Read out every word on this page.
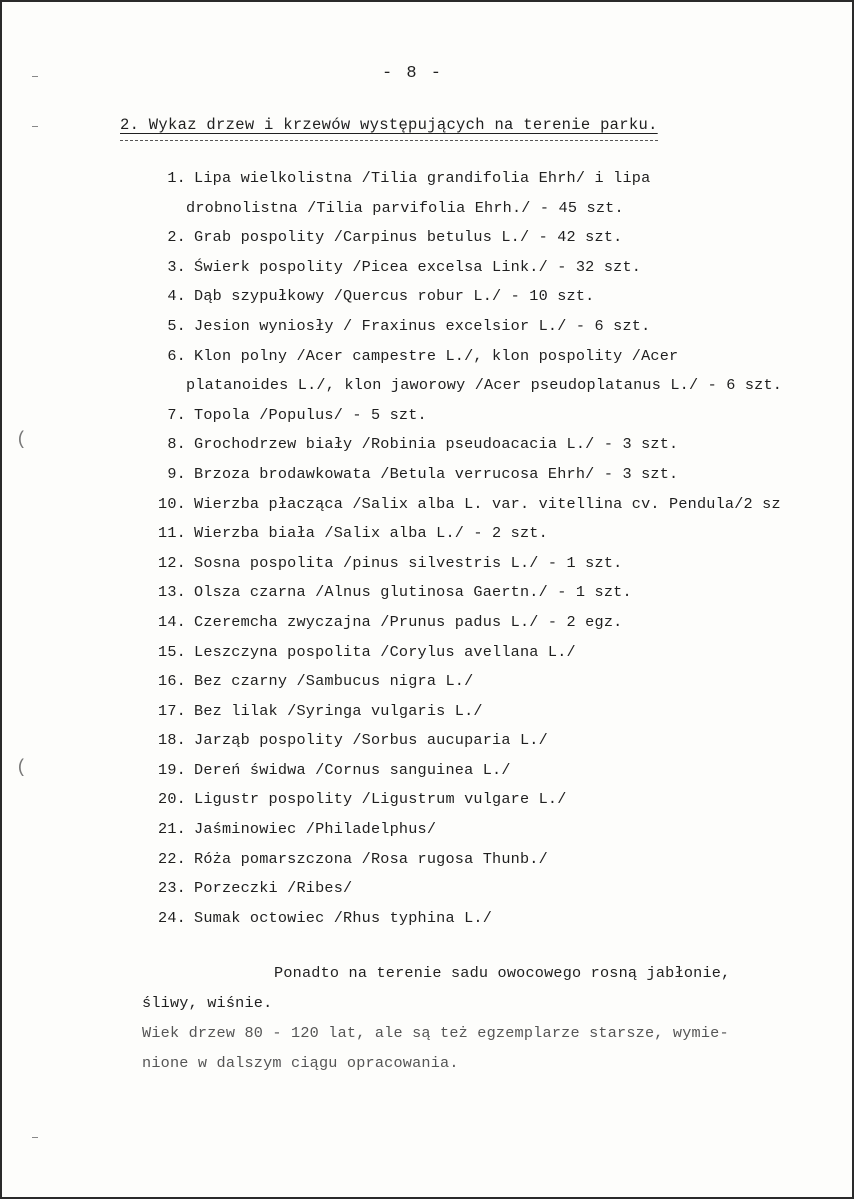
(
(
- 8 -
2. Wykaz drzew i krzewów występujących na terenie parku.
1. Lipa wielkolistna /Tilia grandifolia Ehrh/ i lipa
drobnolistna /Tilia parvifolia Ehrh./ - 45 szt.
2. Grab pospolity /Carpinus betulus L./ - 42 szt.
3. Świerk pospolity /Picea excelsa Link./ - 32 szt.
4. Dąb szypułkowy /Quercus robur L./ - 10 szt.
5. Jesion wyniosły / Fraxinus excelsior L./ - 6 szt.
6. Klon polny /Acer campestre L./, klon pospolity /Acer
platanoides L./, klon jaworowy /Acer pseudoplatanus L./ - 6 szt.
7. Topola /Populus/ - 5 szt.
8. Grochodrzew biały /Robinia pseudoacacia L./ - 3 szt.
9. Brzoza brodawkowata /Betula verrucosa Ehrh/ - 3 szt.
10. Wierzba płacząca /Salix alba L. var. vitellina cv. Pendula/2 sz
11. Wierzba biała /Salix alba L./ - 2 szt.
12. Sosna pospolita /pinus silvestris L./ - 1 szt.
13. Olsza czarna /Alnus glutinosa Gaertn./ - 1 szt.
14. Czeremcha zwyczajna /Prunus padus L./ - 2 egz.
15. Leszczyna pospolita /Corylus avellana L./
16. Bez czarny /Sambucus nigra L./
17. Bez lilak /Syringa vulgaris L./
18. Jarząb pospolity /Sorbus aucuparia L./
19. Dereń świdwa /Cornus sanguinea L./
20. Ligustr pospolity /Ligustrum vulgare L./
21. Jaśminowiec /Philadelphus/
22. Róża pomarszczona /Rosa rugosa Thunb./
23. Porzeczki /Ribes/
24. Sumak octowiec /Rhus typhina L./

Ponadto na terenie sadu owocowego rosną jabłonie,

śliwy, wiśnie.

Wiek drzew 80 - 120 lat, ale są też egzemplarze starsze, wymie-

nione w dalszym ciągu opracowania.
